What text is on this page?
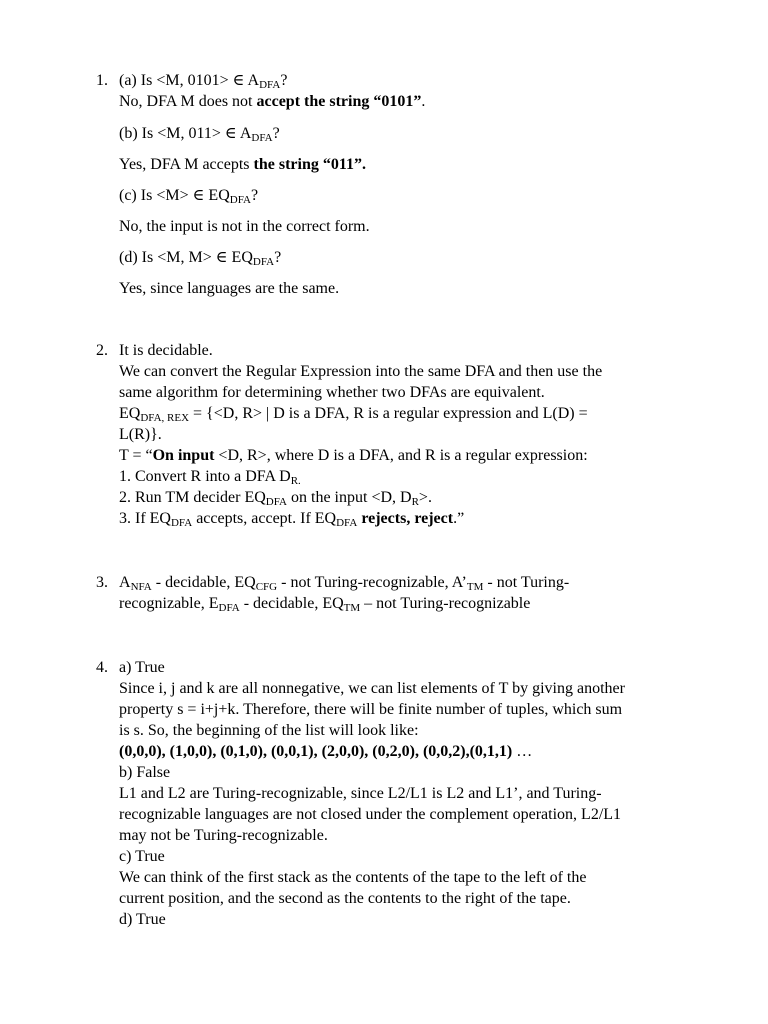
1. (a) Is <M, 0101> ∈ $A_{DFA}$?
No, DFA M does not accept the string “0101”.
(b) Is <M, 011> ∈ $A_{DFA}$?
Yes, DFA M accepts the string “011”.
(c) Is <M> ∈ $EQ_{DFA}$?
No, the input is not in the correct form.
(d) Is <M, M> ∈ $EQ_{DFA}$?
Yes, since languages are the same.
2. It is decidable.
We can convert the Regular Expression into the same DFA and then use the
same algorithm for determining whether two DFAs are equivalent.
$EQ_{DFA, REX} = \{<D$, R> | D is a DFA, R is a regular expression and L(D) =
L(R)}.
T = “On input <D, R>, where D is a DFA, and R is a regular expression:
1. Convert R into a DFA $D_{R.}$
2. Run TM decider $EQ_{DFA}$ on the input <D, $D_R>$.
3. If $EQ_{DFA}$ accepts, accept. If $EQ_{DFA}$ rejects, reject.”
3. $A_{NFA}$ - decidable, $EQ_{CFG}$ - not Turing-recognizable, $A’_{TM}$ - not Turing-
recognizable, $E_{DFA}$ - decidable, $EQ_{TM}$ – not Turing-recognizable
4. a) True
Since i, j and k are all nonnegative, we can list elements of T by giving another
property s = i+j+k. Therefore, there will be finite number of tuples, which sum
is s. So, the beginning of the list will look like:
(0,0,0), (1,0,0), (0,1,0), (0,0,1), (2,0,0), (0,2,0), (0,0,2),(0,1,1) …
b) False
L1 and L2 are Turing-recognizable, since L2/L1 is L2 and L1’, and Turing-
recognizable languages are not closed under the complement operation, L2/L1
may not be Turing-recognizable.
c) True
We can think of the first stack as the contents of the tape to the left of the
current position, and the second as the contents to the right of the tape.
d) True
